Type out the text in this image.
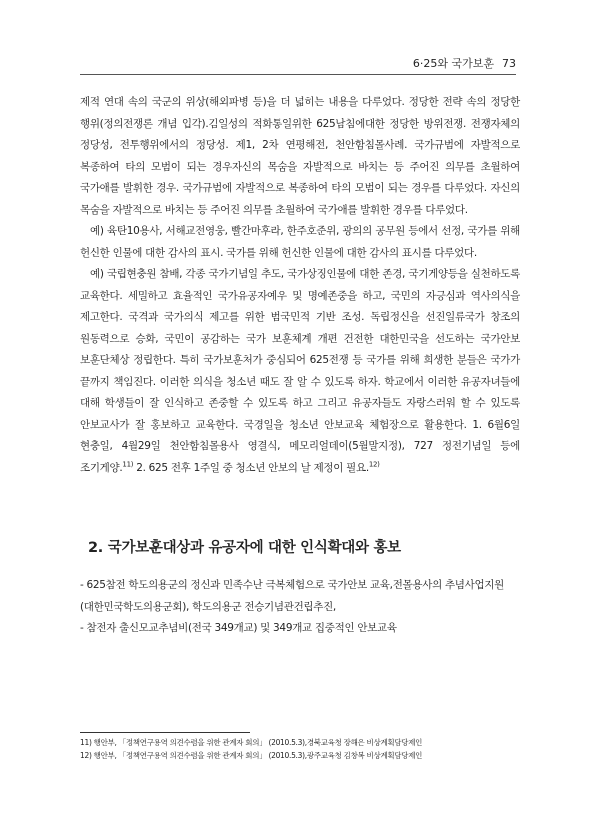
6·25와 국가보훈 73

제적 연대 속의 국군의 위상(해외파병 등)을 더 넓히는 내용을 다루었다. 정당한 전략 속의 정당한 행위(정의전쟁론 개념 입각).김일성의 적화통일위한 625남침에대한 정당한 방위전쟁. 전쟁자체의 정당성, 전투행위에서의 정당성. 제1, 2차 연평해전, 천안함침몰사례. 국가규범에 자발적으로 복종하여 타의 모범이 되는 경우자신의 목숨을 자발적으로 바치는 등 주어진 의무를 초월하여 국가애를 발휘한 경우. 국가규범에 자발적으로 복종하여 타의 모범이 되는 경우를 다루었다. 자신의 목숨을 자발적으로 바치는 등 주어진 의무를 초월하여 국가애를 발휘한 경우를 다루었다.

예) 육탄10용사, 서해교전영웅, 빨간마후라, 한주호준위, 광의의 공무원 등에서 선정, 국가를 위해 헌신한 인물에 대한 감사의 표시. 국가를 위해 헌신한 인물에 대한 감사의 표시를 다루었다.

예) 국립현충원 참배, 각종 국가기념일 추도, 국가상징인물에 대한 존경, 국기게양등을 실천하도록 교육한다. 세밀하고 효율적인 국가유공자예우 및 명예존중을 하고, 국민의 자긍심과 역사의식을 제고한다. 국격과 국가의식 제고를 위한 범국민적 기반 조성. 독립정신을 선진일류국가 창조의 원동력으로 승화, 국민이 공감하는 국가 보훈체계 개편 건전한 대한민국을 선도하는 국가안보 보훈단체상 정립한다. 특히 국가보훈처가 중심되어 625전쟁 등 국가를 위해 희생한 분들은 국가가 끝까지 책임진다. 이러한 의식을 청소년 때도 잘 알 수 있도록 하자. 학교에서 이러한 유공자녀들에 대해 학생들이 잘 인식하고 존중할 수 있도록 하고 그리고 유공자들도 자랑스러워 할 수 있도록 안보교사가 잘 홍보하고 교육한다. 국경일을 청소년 안보교육 체험장으로 활용한다. 1. 6월6일 현충일, 4월29일 천안함침몰용사 영결식, 메모리얼데이(5월말지정), 727 정전기념일 등에 조기게양.$^{11)}$ 2. 625 전후 1주일 중 청소년 안보의 날 제정이 필요.$^{12)}$

2. 국가보훈대상과 유공자에 대한 인식확대와 홍보

- 625참전 학도의용군의 정신과 민족수난 극복체험으로 국가안보 교육,전몰용사의 추념사업지원(대한민국학도의용군회), 학도의용군 전승기념관건립추진,

- 참전자 출신모교추념비(전국 349개교) 및 349개교 집중적인 안보교육

11) 행안부, 「정책연구용역 의견수렴을 위한 관계자 회의」 (2010.5.3),경북교육청 장해은 비상계획담당제인

12) 행안부, 「정책연구용역 의견수렴을 위한 관계자 회의」 (2010.5.3),광주교육청 김창복 비상계획담당제인
